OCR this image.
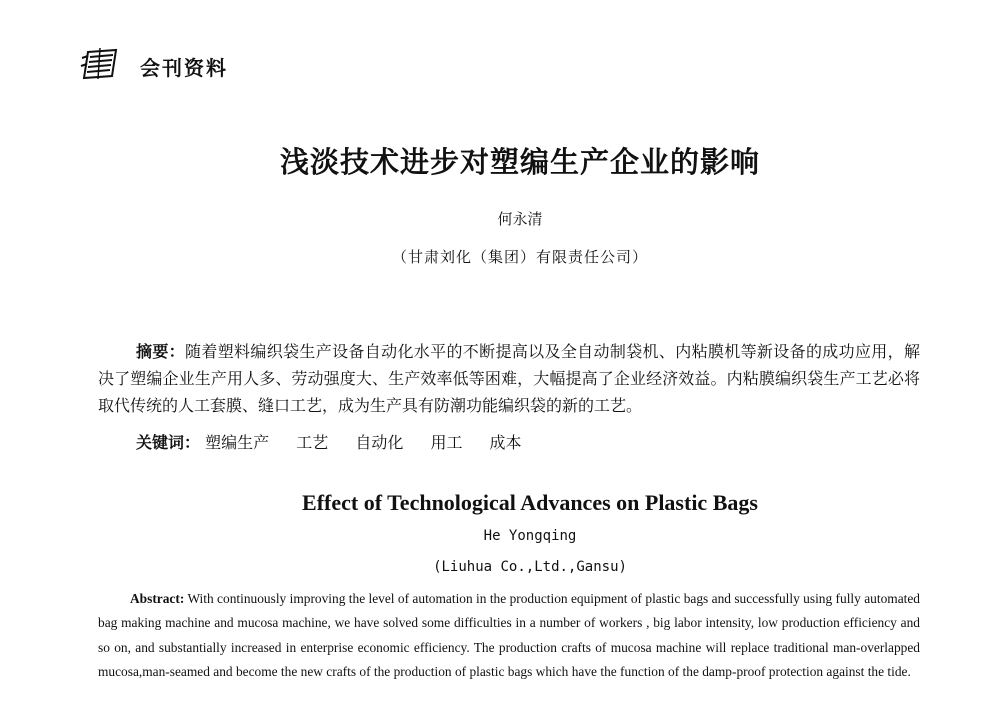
会刊资料
浅淡技术进步对塑编生产企业的影响
何永清
（甘肃刘化（集团）有限责任公司）
摘要：随着塑料编织袋生产设备自动化水平的不断提高以及全自动制袋机、内粘膜机等新设备的成功应用，解决了塑编企业生产用人多、劳动强度大、生产效率低等困难，大幅提高了企业经济效益。内粘膜编织袋生产工艺必将取代传统的人工套膜、缝口工艺，成为生产具有防潮功能编织袋的新的工艺。
关键词： 塑编生产 工艺 自动化 用工 成本
Effect of Technological Advances on Plastic Bags
He Yongqing
(Liuhua Co.,Ltd.,Gansu)
Abstract: With continuously improving the level of automation in the production equipment of plastic bags and successfully using fully automated bag making machine and mucosa machine, we have solved some difficulties in a number of workers , big labor intensity, low production efficiency and so on, and substantially increased in enterprise economic efficiency. The production crafts of mucosa machine will replace traditional man-overlapped mucosa,man-seamed and become the new crafts of the production of plastic bags which have the function of the damp-proof protection against the tide.
